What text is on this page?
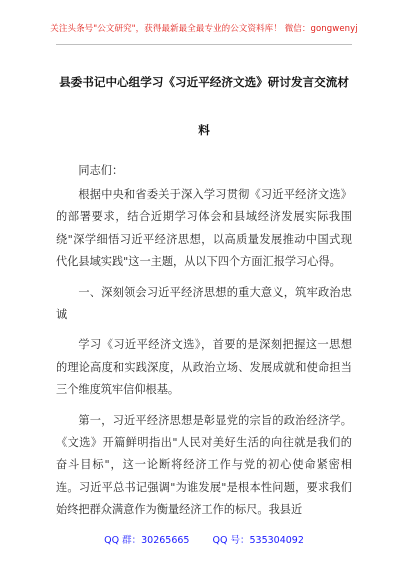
关注头条号"公文研究"，获得最新最全最专业的公文资料库！ 微信：gongwenyj
县委书记中心组学习《习近平经济文选》研讨发言交流材
料

同志们：

根据中央和省委关于深入学习贯彻《习近平经济文选》的部署要求，结合近期学习体会和县域经济发展实际我围绕"深学细悟习近平经济思想，以高质量发展推动中国式现代化县域实践"这一主题，从以下四个方面汇报学习心得。

一、深刻领会习近平经济思想的重大意义，筑牢政治忠诚

学习《习近平经济文选》，首要的是深刻把握这一思想的理论高度和实践深度，从政治立场、发展成就和使命担当三个维度筑牢信仰根基。

第一，习近平经济思想是彰显党的宗旨的政治经济学。《文选》开篇鲜明指出"人民对美好生活的向往就是我们的奋斗目标"，这一论断将经济工作与党的初心使命紧密相连。习近平总书记强调"为谁发展"是根本性问题，要求我们始终把群众满意作为衡量经济工作的标尺。我县近

QQ 群：30265665 QQ 号：535304092
